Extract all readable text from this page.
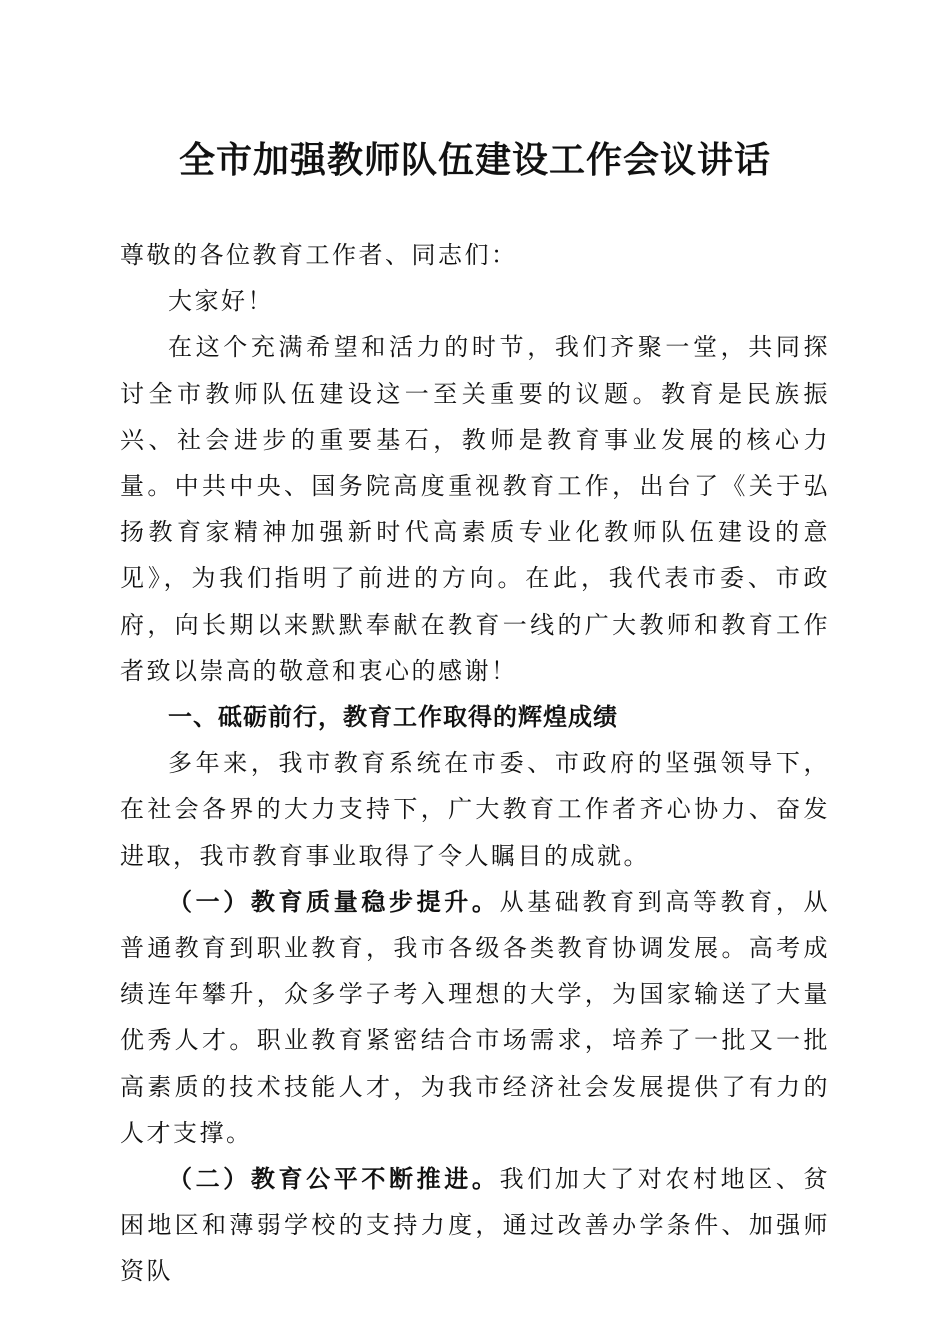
全市加强教师队伍建设工作会议讲话

尊敬的各位教育工作者、同志们：

大家好！

在这个充满希望和活力的时节，我们齐聚一堂，共同探讨全市教师队伍建设这一至关重要的议题。教育是民族振兴、社会进步的重要基石，教师是教育事业发展的核心力量。中共中央、国务院高度重视教育工作，出台了《关于弘扬教育家精神加强新时代高素质专业化教师队伍建设的意见》，为我们指明了前进的方向。在此，我代表市委、市政府，向长期以来默默奉献在教育一线的广大教师和教育工作者致以崇高的敬意和衷心的感谢！

一、砥砺前行，教育工作取得的辉煌成绩

多年来，我市教育系统在市委、市政府的坚强领导下，在社会各界的大力支持下，广大教育工作者齐心协力、奋发进取，我市教育事业取得了令人瞩目的成就。

（一）教育质量稳步提升。从基础教育到高等教育，从普通教育到职业教育，我市各级各类教育协调发展。高考成绩连年攀升，众多学子考入理想的大学，为国家输送了大量优秀人才。职业教育紧密结合市场需求，培养了一批又一批高素质的技术技能人才，为我市经济社会发展提供了有力的人才支撑。

（二）教育公平不断推进。我们加大了对农村地区、贫困地区和薄弱学校的支持力度，通过改善办学条件、加强师资队
